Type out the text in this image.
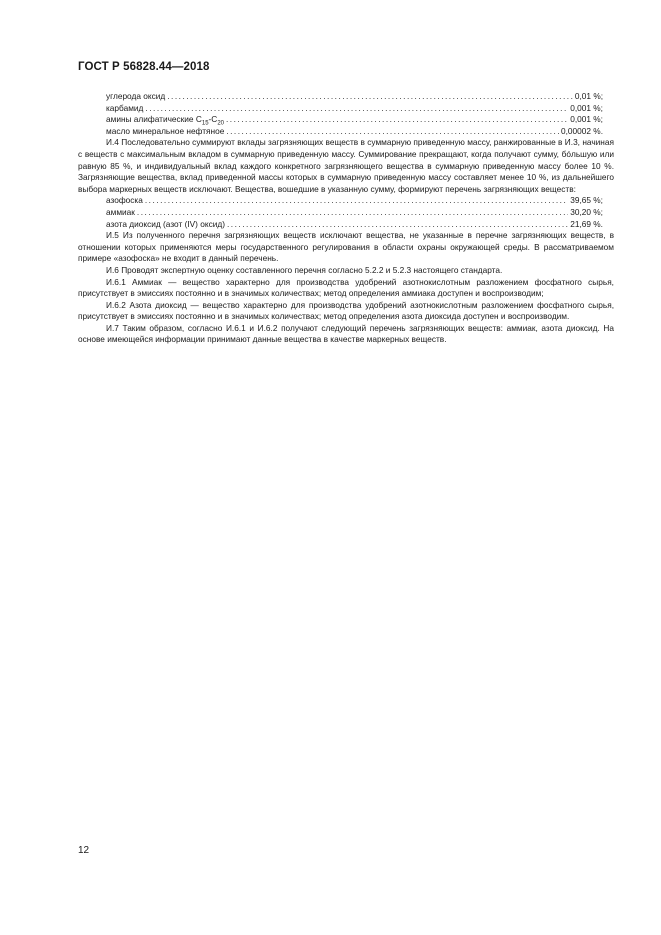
ГОСТ Р 56828.44—2018
углерода оксид .....	0,01 %;
карбамид .....	0,001 %;
амины алифатические $C_{15}-C_{20}$ .....	0,001 %;
масло минеральное нефтяное .....	0,00002 %.

И.4 Последовательно суммируют вклады загрязняющих веществ в суммарную приведенную массу, ранжированные в И.3, начиная с веществ с максимальным вкладом в суммарную приведенную массу. Суммирование прекращают, когда получают сумму, бóльшую или равную 85 %, и индивидуальный вклад каждого конкретного загрязняющего вещества в суммарную приведенную массу более 10 %. Загрязняющие вещества, вклад приведенной массы которых в суммарную приведенную массу составляет менее 10 %, из дальнейшего выбора маркерных веществ исключают. Вещества, вошедшие в указанную сумму, формируют перечень загрязняющих веществ:

азофоска .....	39,65 %;
аммиак .....	30,20 %;
азота диоксид (азот (IV) оксид) .....	21,69 %.

И.5 Из полученного перечня загрязняющих веществ исключают вещества, не указанные в перечне загрязняющих веществ, в отношении которых применяются меры государственного регулирования в области охраны окружающей среды. В рассматриваемом примере «азофоска» не входит в данный перечень.

И.6 Проводят экспертную оценку составленного перечня согласно 5.2.2 и 5.2.3 настоящего стандарта.

И.6.1 Аммиак — вещество характерно для производства удобрений азотнокислотным разложением фосфатного сырья, присутствует в эмиссиях постоянно и в значимых количествах; метод определения аммиака доступен и воспроизводим;

И.6.2 Азота диоксид — вещество характерно для производства удобрений азотнокислотным разложением фосфатного сырья, присутствует в эмиссиях постоянно и в значимых количествах; метод определения азота диоксида доступен и воспроизводим.

И.7 Таким образом, согласно И.6.1 и И.6.2 получают следующий перечень загрязняющих веществ: аммиак, азота диоксид. На основе имеющейся информации принимают данные вещества в качестве маркерных веществ.

12
